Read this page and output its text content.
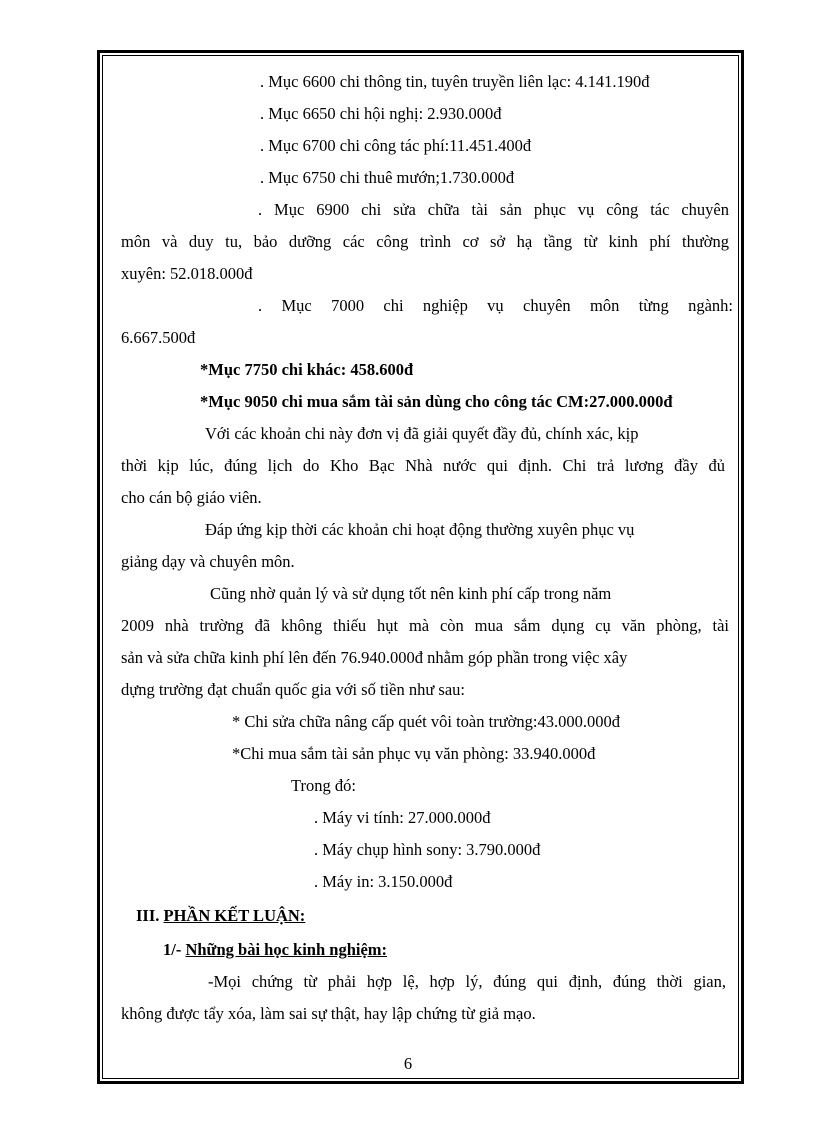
. Mục 6600 chi thông tin, tuyên truyền liên lạc: 4.141.190đ
. Mục 6650 chi hội nghị: 2.930.000đ
. Mục 6700 chi công tác phí:11.451.400đ
. Mục 6750 chi thuê mướn;1.730.000đ
. Mục 6900 chi sửa chữa tài sản phục vụ công tác chuyên
môn và duy tu, bảo dưỡng các công trình cơ sở hạ tầng từ kinh phí thường
xuyên: 52.018.000đ
. Mục 7000 chi nghiệp vụ chuyên môn từng ngành:
6.667.500đ
*Mục 7750 chi khác: 458.600đ
*Mục 9050 chi mua sắm tài sản dùng cho công tác CM:27.000.000đ
Với các khoản chi này đơn vị đã giải quyết đầy đủ, chính xác, kịp
thời kịp lúc, đúng lịch do Kho Bạc Nhà nước qui định. Chi trả lương đầy đủ
cho cán bộ giáo viên.
Đáp ứng kịp thời các khoản chi hoạt động thường xuyên phục vụ
giảng dạy và chuyên môn.
Cũng nhờ quản lý và sử dụng tốt nên kinh phí cấp trong năm
2009 nhà trường đã không thiếu hụt mà còn mua sắm dụng cụ văn phòng, tài
sản và sửa chữa kinh phí lên đến 76.940.000đ nhằm góp phần trong việc xây
dựng trường đạt chuẩn quốc gia với số tiền như sau:
* Chi sửa chữa nâng cấp quét vôi toàn trường:43.000.000đ
*Chi mua sắm tài sản phục vụ văn phòng: 33.940.000đ
Trong đó:
. Máy vi tính: 27.000.000đ
. Máy chụp hình sony: 3.790.000đ
. Máy in: 3.150.000đ
III. PHẦN KẾT LUẬN:
1/- Những bài học kinh nghiệm:
-Mọi chứng từ phải hợp lệ, hợp lý, đúng qui định, đúng thời gian,
không được tẩy xóa, làm sai sự thật, hay lập chứng từ giả mạo.
6
